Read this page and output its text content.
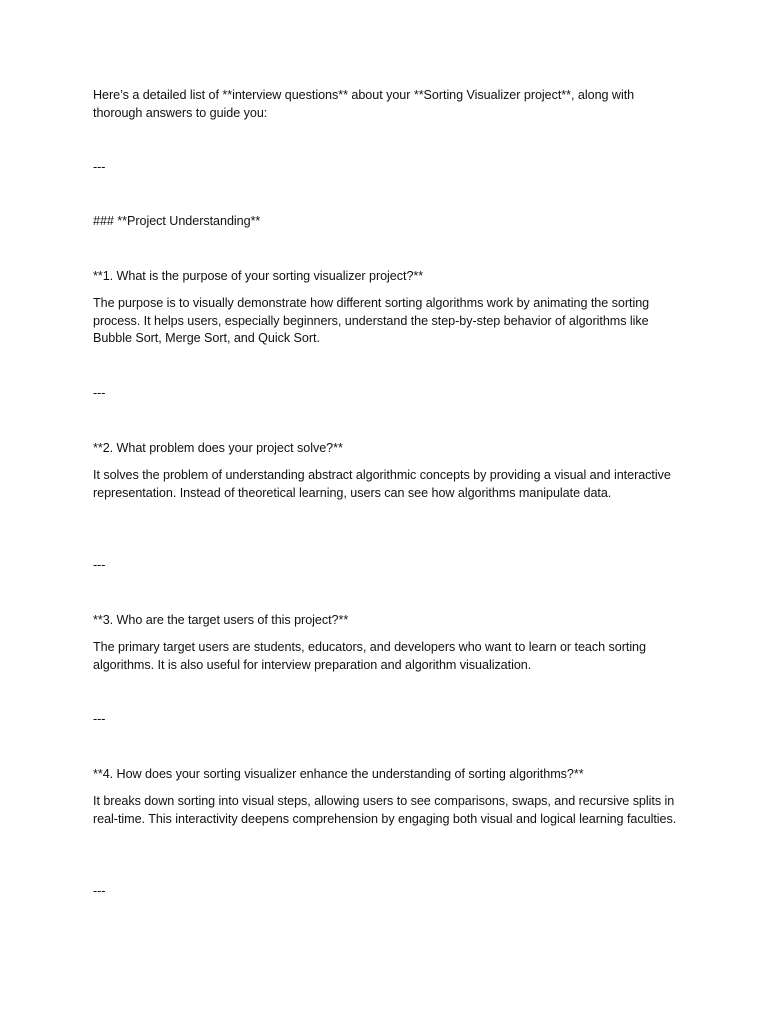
Here’s a detailed list of **interview questions** about your **Sorting Visualizer project**, along with thorough answers to guide you:
---
### **Project Understanding**
**1. What is the purpose of your sorting visualizer project?**
The purpose is to visually demonstrate how different sorting algorithms work by animating the sorting process. It helps users, especially beginners, understand the step-by-step behavior of algorithms like Bubble Sort, Merge Sort, and Quick Sort.
---
**2. What problem does your project solve?**
It solves the problem of understanding abstract algorithmic concepts by providing a visual and interactive representation. Instead of theoretical learning, users can see how algorithms manipulate data.
---
**3. Who are the target users of this project?**
The primary target users are students, educators, and developers who want to learn or teach sorting algorithms. It is also useful for interview preparation and algorithm visualization.
---
**4. How does your sorting visualizer enhance the understanding of sorting algorithms?**
It breaks down sorting into visual steps, allowing users to see comparisons, swaps, and recursive splits in real-time. This interactivity deepens comprehension by engaging both visual and logical learning faculties.
---
